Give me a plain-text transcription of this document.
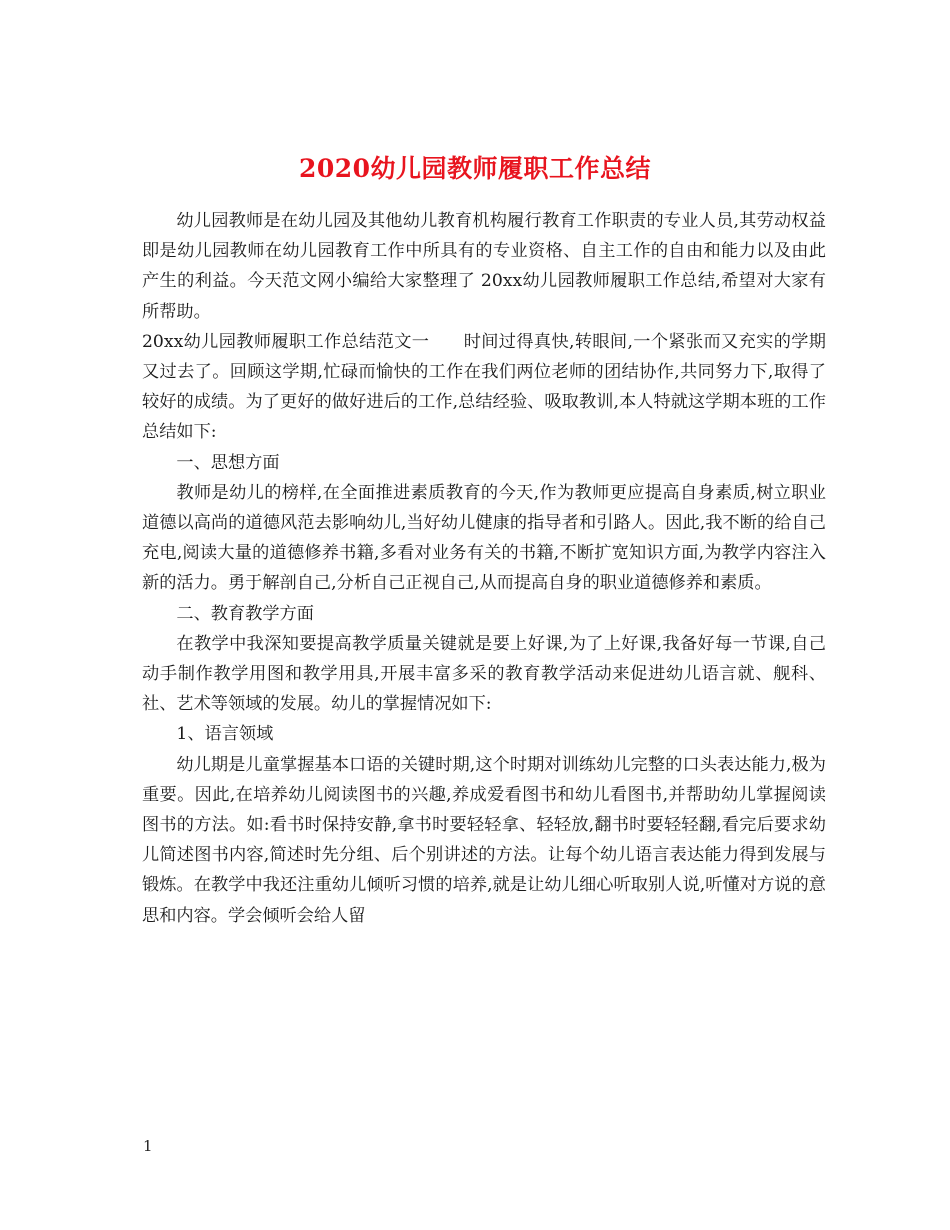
2020幼儿园教师履职工作总结

幼儿园教师是在幼儿园及其他幼儿教育机构履行教育工作职责的专业人员,其劳动权益即是幼儿园教师在幼儿园教育工作中所具有的专业资格、自主工作的自由和能力以及由此产生的利益。今天范文网小编给大家整理了 20xx幼儿园教师履职工作总结,希望对大家有所帮助。

20xx幼儿园教师履职工作总结范文一 时间过得真快,转眼间,一个紧张而又充实的学期又过去了。回顾这学期,忙碌而愉快的工作在我们两位老师的团结协作,共同努力下,取得了较好的成绩。为了更好的做好进后的工作,总结经验、吸取教训,本人特就这学期本班的工作总结如下:

一、思想方面

教师是幼儿的榜样,在全面推进素质教育的今天,作为教师更应提高自身素质,树立职业道德以高尚的道德风范去影响幼儿,当好幼儿健康的指导者和引路人。因此,我不断的给自己充电,阅读大量的道德修养书籍,多看对业务有关的书籍,不断扩宽知识方面,为教学内容注入新的活力。勇于解剖自己,分析自己正视自己,从而提高自身的职业道德修养和素质。

二、教育教学方面

在教学中我深知要提高教学质量关键就是要上好课,为了上好课,我备好每一节课,自己动手制作教学用图和教学用具,开展丰富多采的教育教学活动来促进幼儿语言就、舰科、社、艺术等领域的发展。幼儿的掌握情况如下:

1、语言领域

幼儿期是儿童掌握基本口语的关键时期,这个时期对训练幼儿完整的口头表达能力,极为重要。因此,在培养幼儿阅读图书的兴趣,养成爱看图书和幼儿看图书,并帮助幼儿掌握阅读图书的方法。如:看书时保持安静,拿书时要轻轻拿、轻轻放,翻书时要轻轻翻,看完后要求幼儿简述图书内容,简述时先分组、后个别讲述的方法。让每个幼儿语言表达能力得到发展与锻炼。在教学中我还注重幼儿倾听习惯的培养,就是让幼儿细心听取别人说,听懂对方说的意思和内容。学会倾听会给人留

1
